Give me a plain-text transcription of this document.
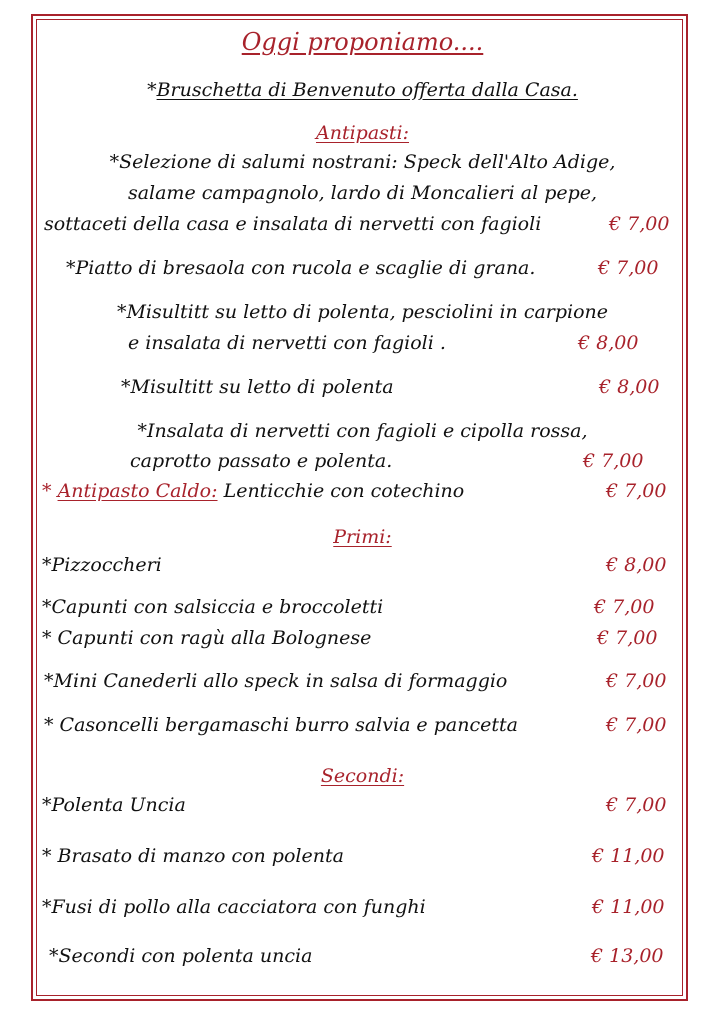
Oggi proponiamo....
*Bruschetta di Benvenuto offerta dalla Casa.
Antipasti:
*Selezione di salumi nostrani: Speck dell'Alto Adige,
salame campagnolo, lardo di Moncalieri al pepe,
sottaceti della casa e insalata di nervetti con fagioli	€ 7,00
*Piatto di bresaola con rucola e scaglie di grana.	€ 7,00
*Misultitt su letto di polenta, pesciolini in carpione
e insalata di nervetti con fagioli .	€ 8,00
*Misultitt su letto di polenta	€ 8,00
*Insalata di nervetti con fagioli e cipolla rossa,
caprotto passato e polenta.	€ 7,00
* Antipasto Caldo: Lenticchie con cotechino	€ 7,00
Primi:
*Pizzoccheri	€ 8,00
*Capunti con salsiccia e broccoletti	€ 7,00
* Capunti con ragù alla Bolognese	€ 7,00
*Mini Canederli allo speck in salsa di formaggio	€ 7,00
* Casoncelli bergamaschi burro salvia e pancetta	€ 7,00
Secondi:
*Polenta Uncia	€ 7,00
* Brasato di manzo con polenta	€ 11,00
*Fusi di pollo alla cacciatora con funghi	€ 11,00
*Secondi con polenta uncia	€ 13,00
